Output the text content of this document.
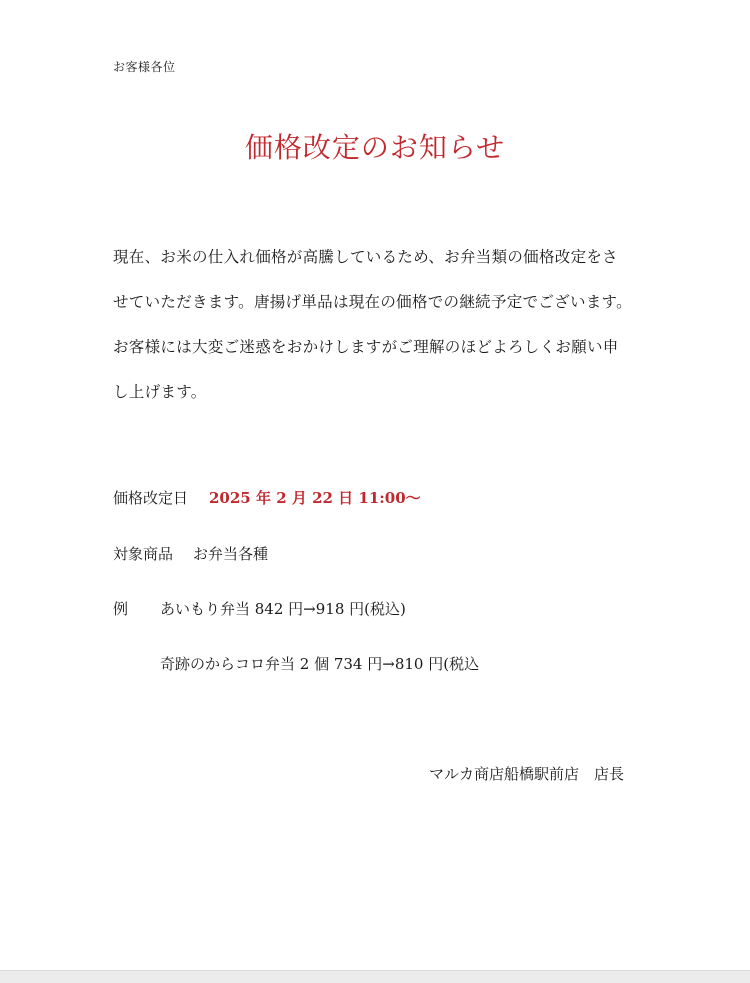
お客様各位
価格改定のお知らせ
現在、お米の仕入れ価格が高騰しているため、お弁当類の価格改定をさ
せていただきます。唐揚げ単品は現在の価格での継続予定でございます。
お客様には大変ご迷惑をおかけしますがご理解のほどよろしくお願い申
し上げます。
価格改定日 2025 年 2 月 22 日 11:00〜
対象商品 お弁当各種
例 あいもり弁当 842 円→918 円(税込)
奇跡のからコロ弁当 2 個 734 円→810 円(税込
マルカ商店船橋駅前店　店長
